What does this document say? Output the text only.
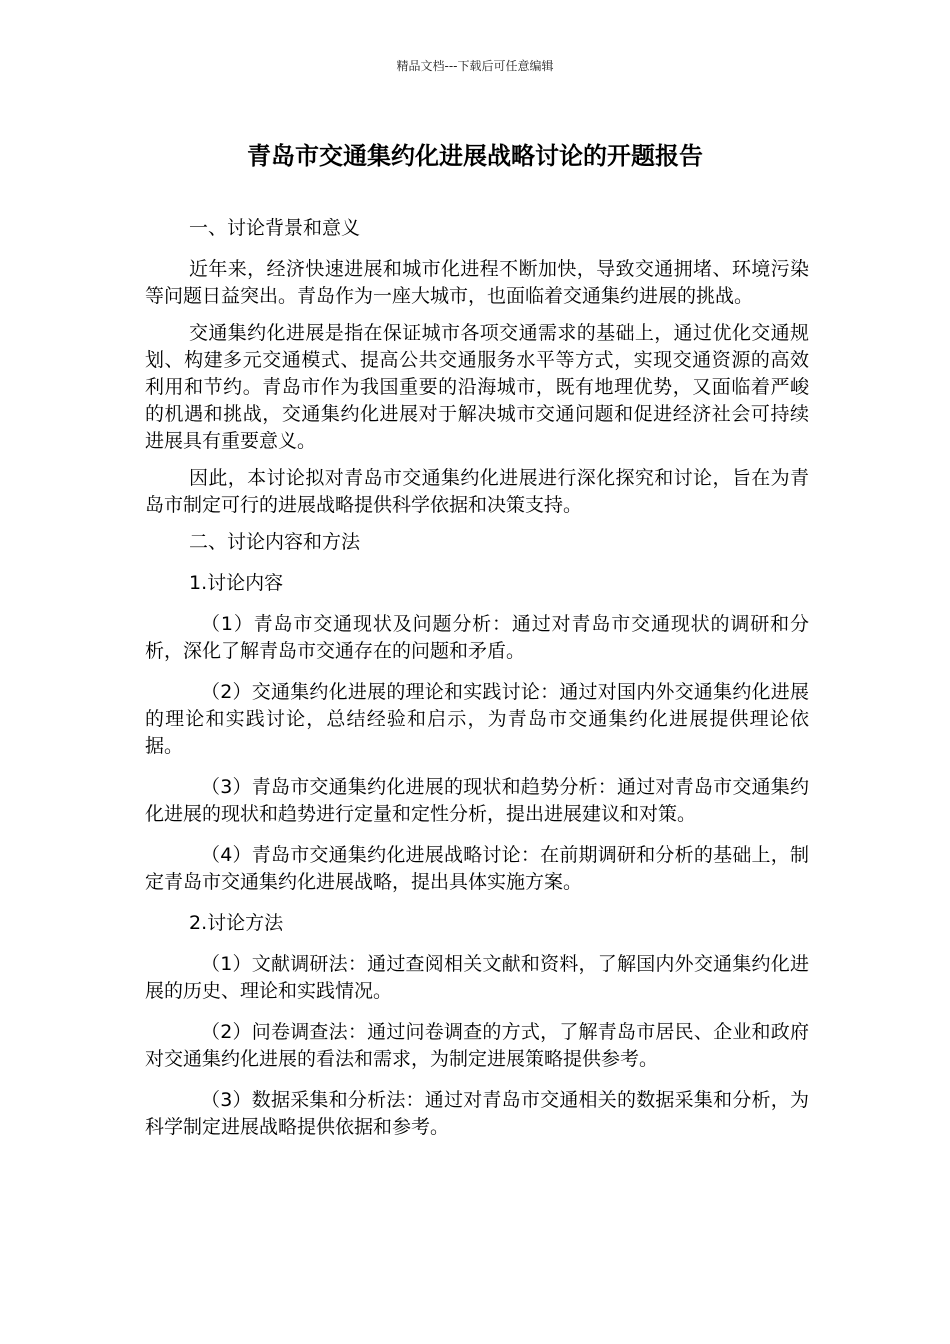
精品文档---下载后可任意编辑
青岛市交通集约化进展战略讨论的开题报告

一、讨论背景和意义

近年来，经济快速进展和城市化进程不断加快，导致交通拥堵、环境污染等问题日益突出。青岛作为一座大城市，也面临着交通集约进展的挑战。

交通集约化进展是指在保证城市各项交通需求的基础上，通过优化交通规划、构建多元交通模式、提高公共交通服务水平等方式，实现交通资源的高效利用和节约。青岛市作为我国重要的沿海城市，既有地理优势，又面临着严峻的机遇和挑战，交通集约化进展对于解决城市交通问题和促进经济社会可持续进展具有重要意义。

因此，本讨论拟对青岛市交通集约化进展进行深化探究和讨论，旨在为青岛市制定可行的进展战略提供科学依据和决策支持。

二、讨论内容和方法

1.讨论内容

（1）青岛市交通现状及问题分析：通过对青岛市交通现状的调研和分析，深化了解青岛市交通存在的问题和矛盾。

（2）交通集约化进展的理论和实践讨论：通过对国内外交通集约化进展的理论和实践讨论，总结经验和启示，为青岛市交通集约化进展提供理论依据。

（3）青岛市交通集约化进展的现状和趋势分析：通过对青岛市交通集约化进展的现状和趋势进行定量和定性分析，提出进展建议和对策。

（4）青岛市交通集约化进展战略讨论：在前期调研和分析的基础上，制定青岛市交通集约化进展战略，提出具体实施方案。

2.讨论方法

（1）文献调研法：通过查阅相关文献和资料，了解国内外交通集约化进展的历史、理论和实践情况。

（2）问卷调查法：通过问卷调查的方式，了解青岛市居民、企业和政府对交通集约化进展的看法和需求，为制定进展策略提供参考。

（3）数据采集和分析法：通过对青岛市交通相关的数据采集和分析，为科学制定进展战略提供依据和参考。
